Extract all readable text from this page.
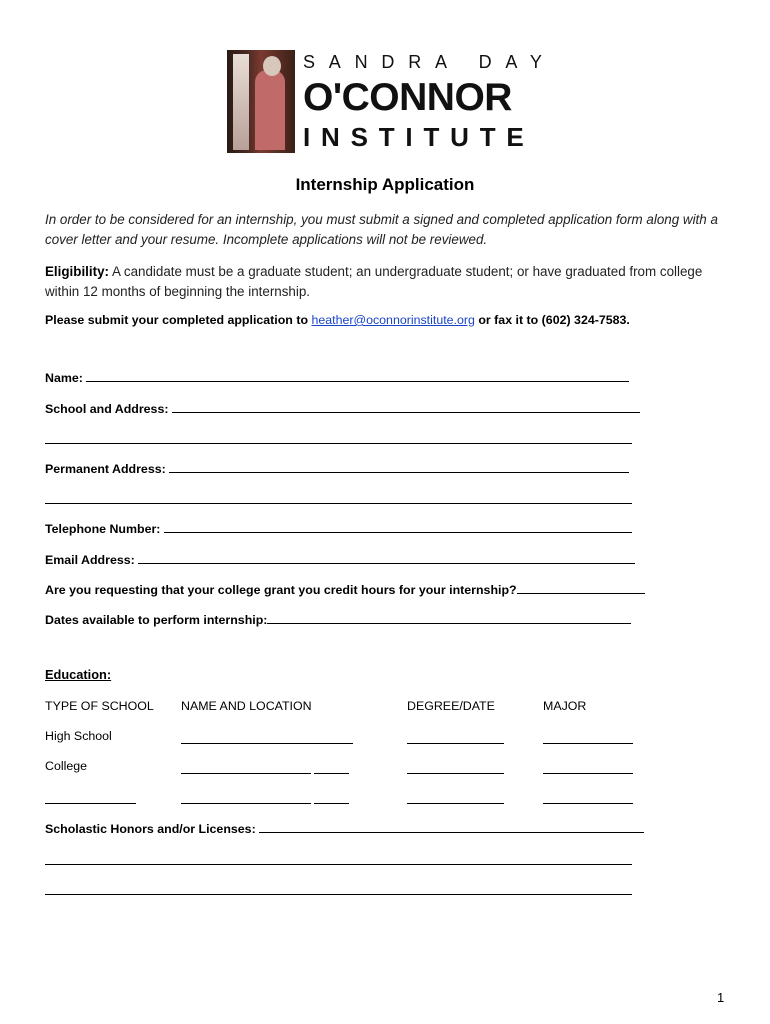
SANDRA DAY
O'CONNOR
INSTITUTE
Internship Application
In order to be considered for an internship, you must submit a signed and completed application form along with a cover letter and your resume. Incomplete applications will not be reviewed.
Eligibility: A candidate must be a graduate student; an undergraduate student; or have graduated from college within 12 months of beginning the internship.
Please submit your completed application to heather@oconnorinstitute.org or fax it to (602) 324-7583.
Name:
School and Address:
Permanent Address:
Telephone Number:
Email Address:
Are you requesting that your college grant you credit hours for your internship?
Dates available to perform internship:
Education:
TYPE OF SCHOOL NAME AND LOCATION	DEGREE/DATE	MAJOR
High School
College

Scholastic Honors and/or Licenses:
1
